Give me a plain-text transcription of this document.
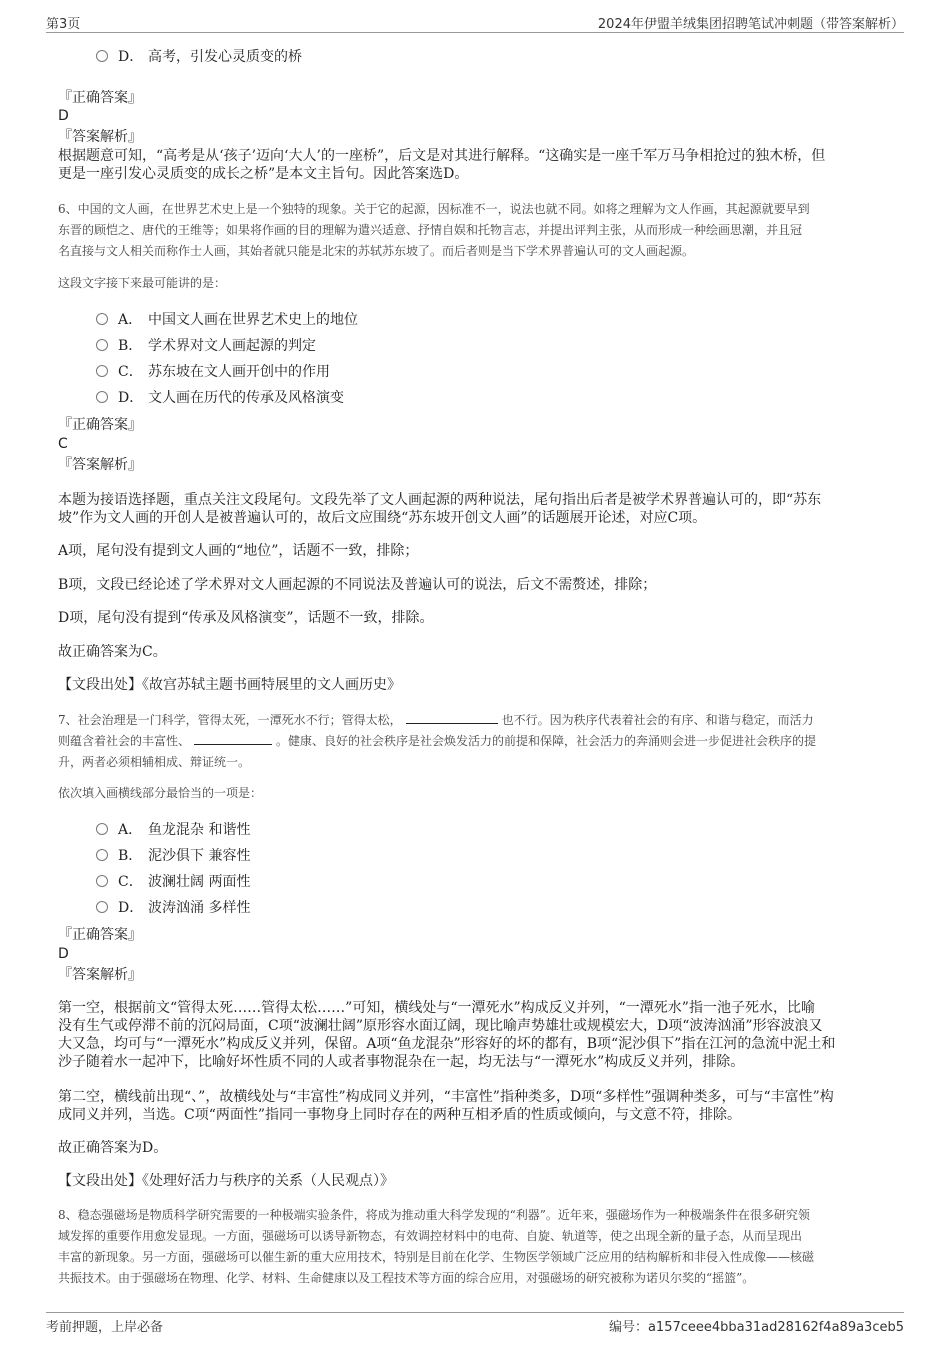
第3页	2024年伊盟羊绒集团招聘笔试冲刺题（带答案解析）
D． 高考，引发心灵质变的桥
『正确答案』
D
『答案解析』
根据题意可知，“高考是从‘孩子’迈向‘大人’的一座桥”，后文是对其进行解释。“这确实是一座千军万马争相抢过的独木桥，但
更是一座引发心灵质变的成长之桥”是本文主旨句。因此答案选D。
6、中国的文人画，在世界艺术史上是一个独特的现象。关于它的起源，因标准不一，说法也就不同。如将之理解为文人作画，其起源就要早到
东晋的顾恺之、唐代的王维等；如果将作画的目的理解为遣兴适意、抒情自娱和托物言志，并提出评判主张，从而形成一种绘画思潮，并且冠
名直接与文人相关而称作士人画，其始者就只能是北宋的苏轼苏东坡了。而后者则是当下学术界普遍认可的文人画起源。
这段文字接下来最可能讲的是：
A． 中国文人画在世界艺术史上的地位
B． 学术界对文人画起源的判定
C． 苏东坡在文人画开创中的作用
D． 文人画在历代的传承及风格演变
『正确答案』
C
『答案解析』
本题为接语选择题，重点关注文段尾句。文段先举了文人画起源的两种说法，尾句指出后者是被学术界普遍认可的，即“苏东
坡”作为文人画的开创人是被普遍认可的，故后文应围绕“苏东坡开创文人画”的话题展开论述，对应C项。
A项，尾句没有提到文人画的“地位”，话题不一致，排除；
B项，文段已经论述了学术界对文人画起源的不同说法及普遍认可的说法，后文不需赘述，排除；
D项，尾句没有提到“传承及风格演变”，话题不一致，排除。
故正确答案为C。
【文段出处】《故宫苏轼主题书画特展里的文人画历史》
7、社会治理是一门科学，管得太死，一潭死水不行；管得太松，	也不行。因为秩序代表着社会的有序、和谐与稳定，而活力
则蕴含着社会的丰富性、	。健康、良好的社会秩序是社会焕发活力的前提和保障，社会活力的奔涌则会进一步促进社会秩序的提
升，两者必须相辅相成、辩证统一。
依次填入画横线部分最恰当的一项是：
A． 鱼龙混杂 和谐性
B． 泥沙俱下 兼容性
C． 波澜壮阔 两面性
D． 波涛汹涌 多样性
『正确答案』
D
『答案解析』
第一空，根据前文“管得太死……管得太松……”可知，横线处与“一潭死水”构成反义并列，“一潭死水”指一池子死水，比喻
没有生气或停滞不前的沉闷局面，C项“波澜壮阔”原形容水面辽阔，现比喻声势雄壮或规模宏大，D项“波涛汹涌”形容波浪又
大又急，均可与“一潭死水”构成反义并列，保留。A项“鱼龙混杂”形容好的坏的都有，B项“泥沙俱下”指在江河的急流中泥土和
沙子随着水一起冲下，比喻好坏性质不同的人或者事物混杂在一起，均无法与“一潭死水”构成反义并列，排除。
第二空，横线前出现“、”，故横线处与“丰富性”构成同义并列，“丰富性”指种类多，D项“多样性”强调种类多，可与“丰富性”构
成同义并列，当选。C项“两面性”指同一事物身上同时存在的两种互相矛盾的性质或倾向，与文意不符，排除。
故正确答案为D。
【文段出处】《处理好活力与秩序的关系（人民观点）》
8、稳态强磁场是物质科学研究需要的一种极端实验条件，将成为推动重大科学发现的“利器”。近年来，强磁场作为一种极端条件在很多研究领
域发挥的重要作用愈发显现。一方面，强磁场可以诱导新物态，有效调控材料中的电荷、自旋、轨道等，使之出现全新的量子态，从而呈现出
丰富的新现象。另一方面，强磁场可以催生新的重大应用技术，特别是目前在化学、生物医学领域广泛应用的结构解析和非侵入性成像——核磁
共振技术。由于强磁场在物理、化学、材料、生命健康以及工程技术等方面的综合应用，对强磁场的研究被称为诺贝尔奖的“摇篮”。
考前押题，上岸必备	编号：a157ceee4bba31ad28162f4a89a3ceb5
